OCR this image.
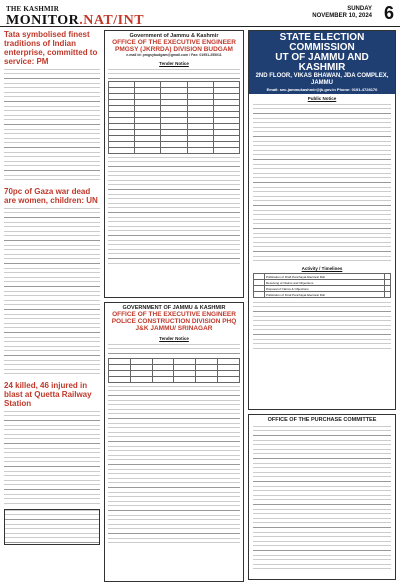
THE KASHMIR
MONITOR.NAT/INT
SUNDAY
NOVEMBER 10, 2024 6
Tata symbolised finest traditions of Indian enterprise, committed to service: PM
70pc of Gaza war dead are women, children: UN
24 killed, 46 injured in blast at Quetta Railway Station
Government of Jammu & Kashmir
OFFICE OF THE EXECUTIVE ENGINEER PMGSY (JKRRDA) DIVISION BUDGAM
e-mail id: pmgsybudgam@gmail.com / Fax: 01951-255011
Tender Notice

GOVERNMENT OF JAMMU & KASHMIR
OFFICE OF THE EXECUTIVE ENGINEER POLICE CONSTRUCTION DIVISION PHQ J&K JAMMU/ SRINAGAR
Tender Notice

STATE ELECTION COMMISSION
UT OF JAMMU AND KASHMIR
2ND FLOOR, VIKAS BHAWAN, JDA COMPLEX, JAMMU
Email: sec-jammukashmir@jk.gov.in Phone: 0191-4728170
Public Notice
Activity / Timelines
	Publication of Draft Panchayat Electoral Roll	
	Receiving of Claims and Objections	
	Disposal of Claims & Objections	
	Publication of Final Panchayat Electoral Roll	
OFFICE OF THE PURCHASE COMMITTEE
